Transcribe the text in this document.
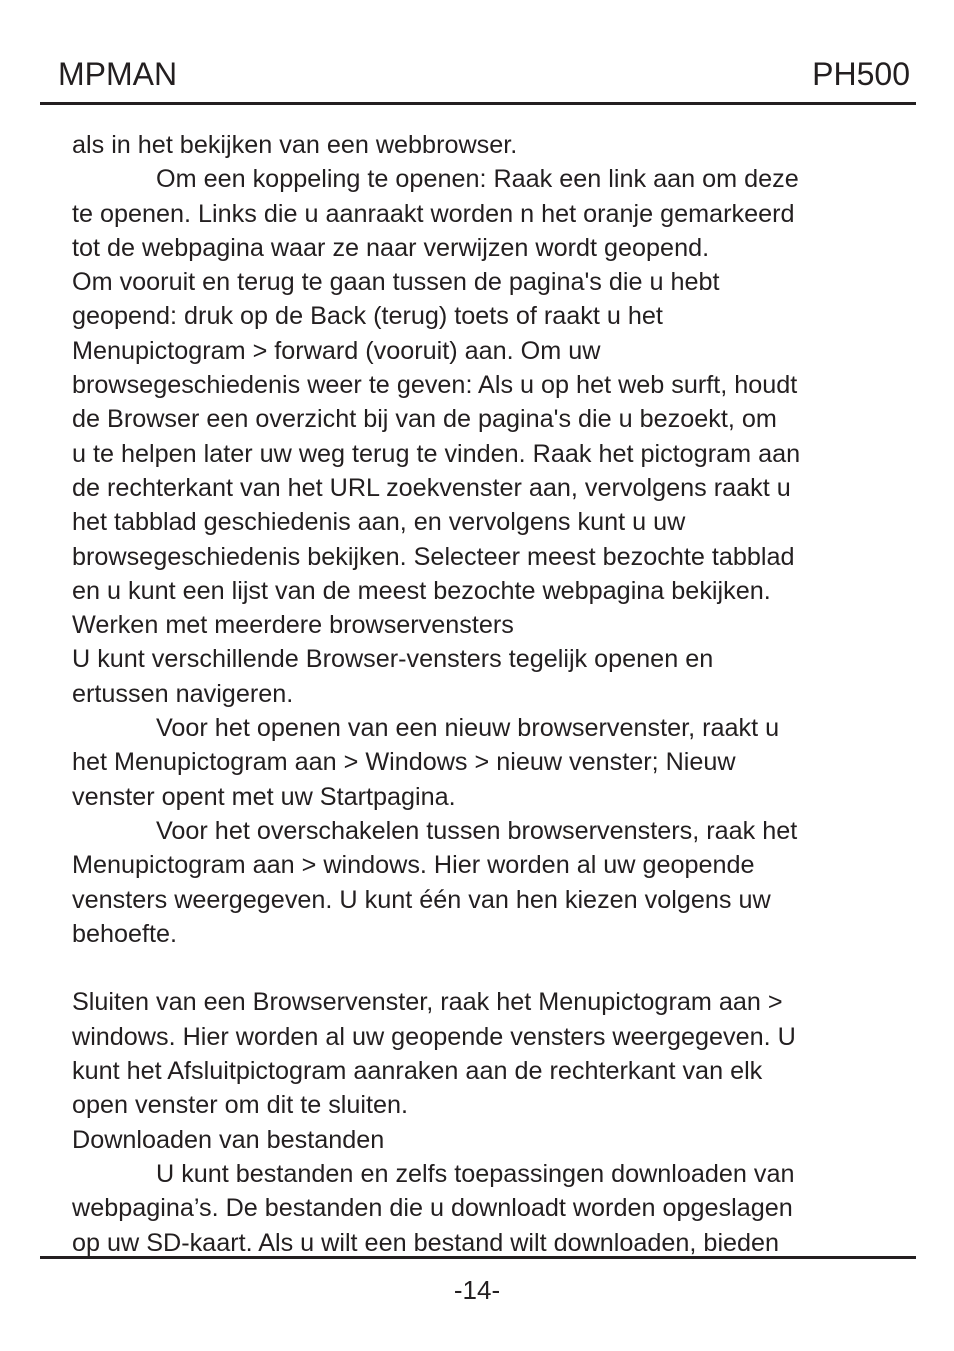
MPMAN	PH500
als in het bekijken van een webbrowser.
Om een koppeling te openen: Raak een link aan om deze
te openen. Links die u aanraakt worden n het oranje gemarkeerd
tot de webpagina waar ze naar verwijzen wordt geopend.
Om vooruit en terug te gaan tussen de pagina's die u hebt
geopend: druk op de Back (terug) toets of raakt u het
Menupictogram > forward (vooruit) aan. Om uw
browsegeschiedenis weer te geven: Als u op het web surft, houdt
de Browser een overzicht bij van de pagina's die u bezoekt, om
u te helpen later uw weg terug te vinden. Raak het pictogram aan
de rechterkant van het URL zoekvenster aan, vervolgens raakt u
het tabblad geschiedenis aan, en vervolgens kunt u uw
browsegeschiedenis bekijken. Selecteer meest bezochte tabblad
en u kunt een lijst van de meest bezochte webpagina bekijken.
Werken met meerdere browservensters
U kunt verschillende Browser-vensters tegelijk openen en
ertussen navigeren.
Voor het openen van een nieuw browservenster, raakt u
het Menupictogram aan > Windows > nieuw venster; Nieuw
venster opent met uw Startpagina.
Voor het overschakelen tussen browservensters, raak het
Menupictogram aan > windows. Hier worden al uw geopende
vensters weergegeven. U kunt één van hen kiezen volgens uw
behoefte.
Sluiten van een Browservenster, raak het Menupictogram aan >
windows. Hier worden al uw geopende vensters weergegeven. U
kunt het Afsluitpictogram aanraken aan de rechterkant van elk
open venster om dit te sluiten.
Downloaden van bestanden
U kunt bestanden en zelfs toepassingen downloaden van
webpagina’s. De bestanden die u downloadt worden opgeslagen
op uw SD-kaart. Als u wilt een bestand wilt downloaden, bieden
-14-
